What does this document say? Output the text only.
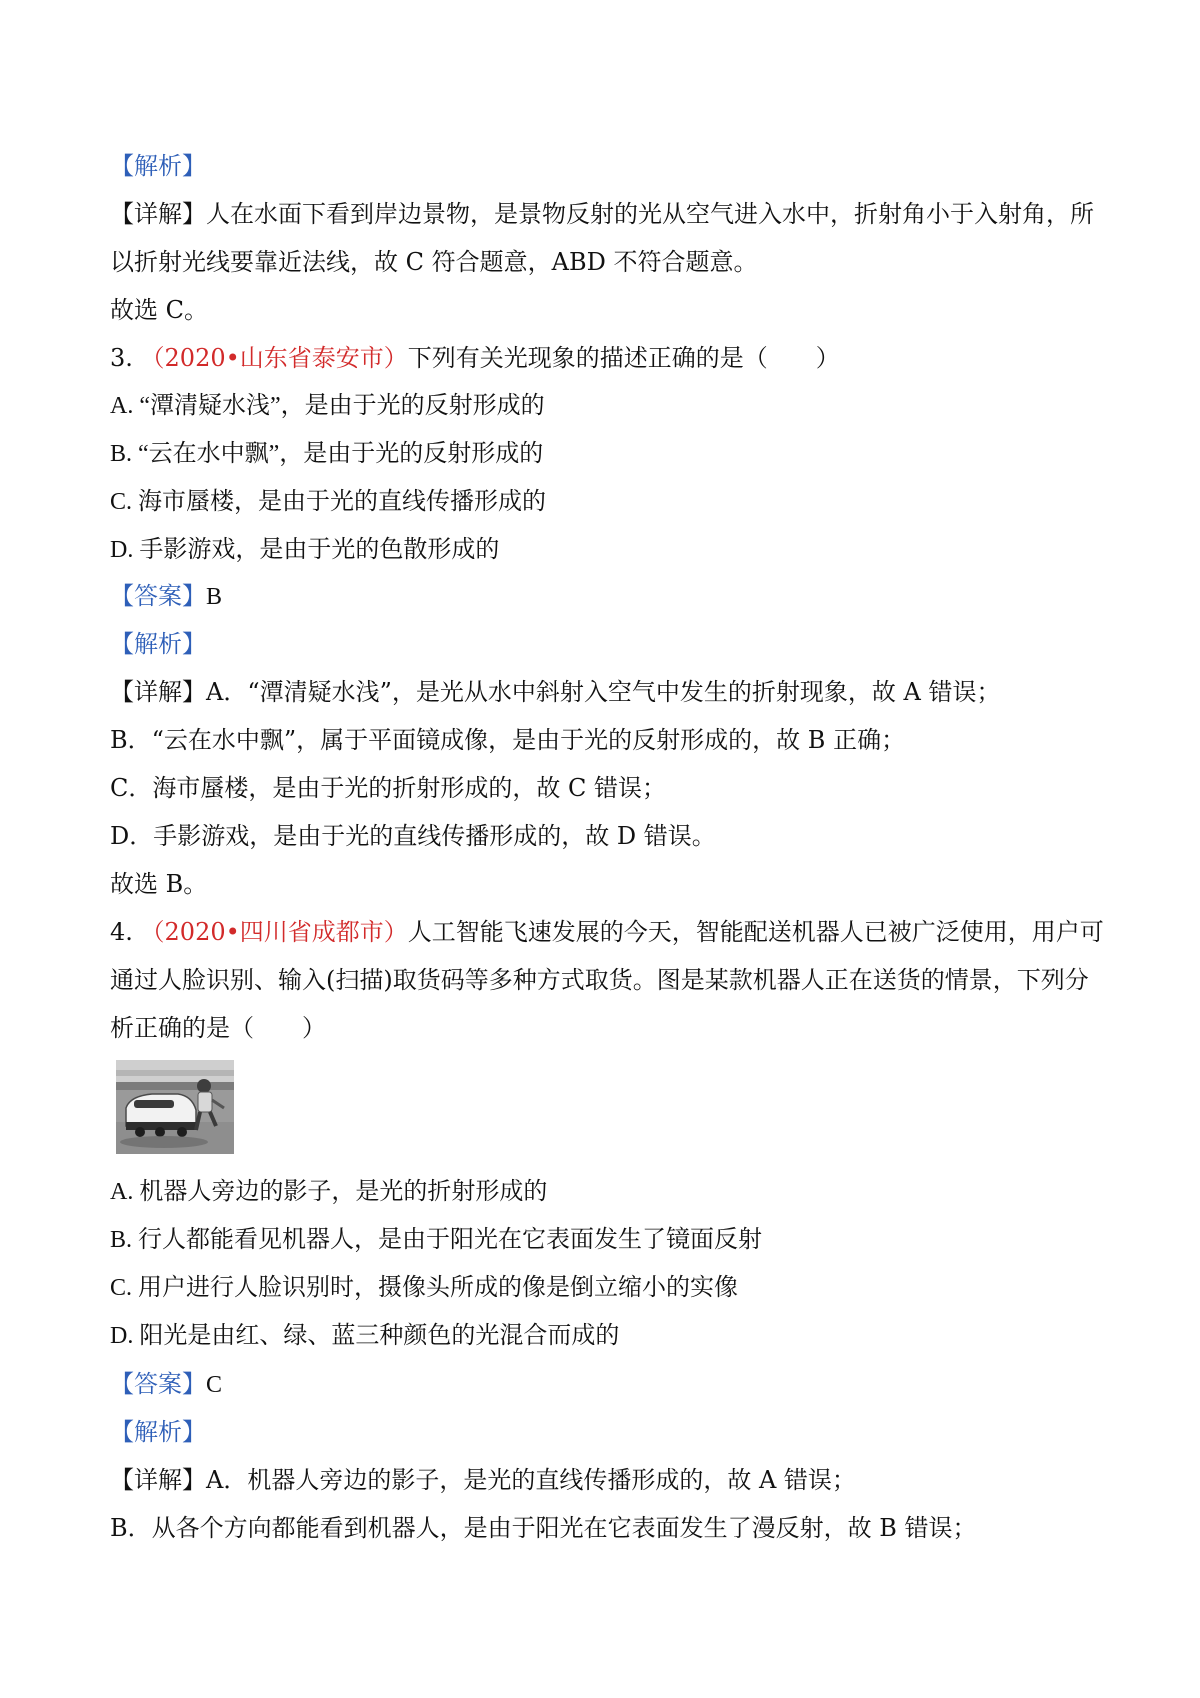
【解析】
【详解】人在水面下看到岸边景物，是景物反射的光从空气进入水中，折射角小于入射角，所
以折射光线要靠近法线，故 C 符合题意，ABD 不符合题意。
故选 C。
3. （2020•山东省泰安市）下列有关光现象的描述正确的是（　　）
A. “潭清疑水浅”，是由于光的反射形成的
B. “云在水中飘”，是由于光的反射形成的
C. 海市蜃楼，是由于光的直线传播形成的
D. 手影游戏，是由于光的色散形成的
【答案】B
【解析】
【详解】A．“潭清疑水浅”，是光从水中斜射入空气中发生的折射现象，故 A 错误；
B．“云在水中飘”，属于平面镜成像，是由于光的反射形成的，故 B 正确；
C．海市蜃楼，是由于光的折射形成的，故 C 错误；
D．手影游戏，是由于光的直线传播形成的，故 D 错误。
故选 B。
4. （2020•四川省成都市）人工智能飞速发展的今天，智能配送机器人已被广泛使用，用户可
通过人脸识别、输入(扫描)取货码等多种方式取货。图是某款机器人正在送货的情景，下列分
析正确的是（　　）
A. 机器人旁边的影子，是光的折射形成的
B. 行人都能看见机器人，是由于阳光在它表面发生了镜面反射
C. 用户进行人脸识别时，摄像头所成的像是倒立缩小的实像
D. 阳光是由红、绿、蓝三种颜色的光混合而成的
【答案】C
【解析】
【详解】A．机器人旁边的影子，是光的直线传播形成的，故 A 错误；
B．从各个方向都能看到机器人，是由于阳光在它表面发生了漫反射，故 B 错误；
